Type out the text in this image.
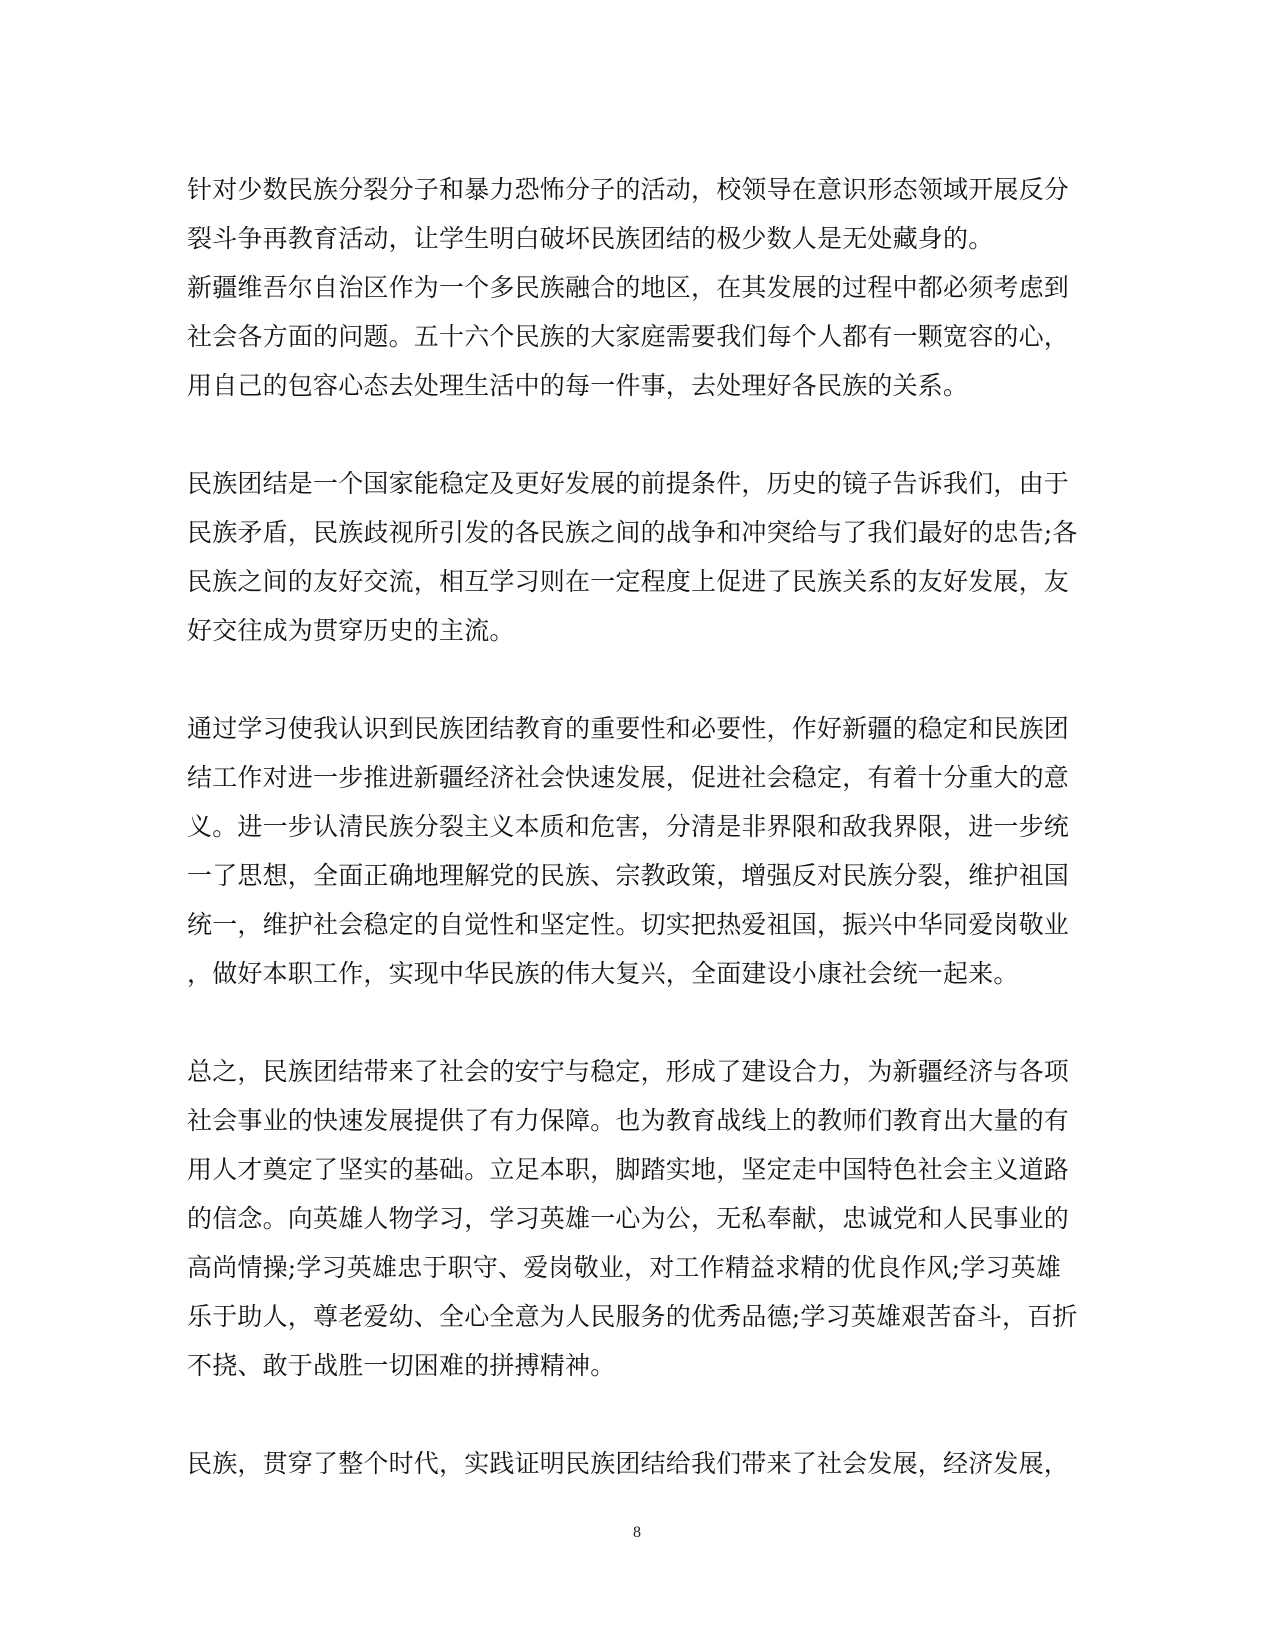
针对少数民族分裂分子和暴力恐怖分子的活动，校领导在意识形态领域开展反分
裂斗争再教育活动，让学生明白破坏民族团结的极少数人是无处藏身的。
新疆维吾尔自治区作为一个多民族融合的地区，在其发展的过程中都必须考虑到
社会各方面的问题。五十六个民族的大家庭需要我们每个人都有一颗宽容的心，
用自己的包容心态去处理生活中的每一件事，去处理好各民族的关系。
民族团结是一个国家能稳定及更好发展的前提条件，历史的镜子告诉我们，由于
民族矛盾，民族歧视所引发的各民族之间的战争和冲突给与了我们最好的忠告;各
民族之间的友好交流，相互学习则在一定程度上促进了民族关系的友好发展，友
好交往成为贯穿历史的主流。
通过学习使我认识到民族团结教育的重要性和必要性，作好新疆的稳定和民族团
结工作对进一步推进新疆经济社会快速发展，促进社会稳定，有着十分重大的意
义。进一步认清民族分裂主义本质和危害，分清是非界限和敌我界限，进一步统
一了思想，全面正确地理解党的民族、宗教政策，增强反对民族分裂，维护祖国
统一，维护社会稳定的自觉性和坚定性。切实把热爱祖国，振兴中华同爱岗敬业
，做好本职工作，实现中华民族的伟大复兴，全面建设小康社会统一起来。
总之，民族团结带来了社会的安宁与稳定，形成了建设合力，为新疆经济与各项
社会事业的快速发展提供了有力保障。也为教育战线上的教师们教育出大量的有
用人才奠定了坚实的基础。立足本职，脚踏实地，坚定走中国特色社会主义道路
的信念。向英雄人物学习，学习英雄一心为公，无私奉献，忠诚党和人民事业的
高尚情操;学习英雄忠于职守、爱岗敬业，对工作精益求精的优良作风;学习英雄
乐于助人，尊老爱幼、全心全意为人民服务的优秀品德;学习英雄艰苦奋斗，百折
不挠、敢于战胜一切困难的拼搏精神。
民族，贯穿了整个时代，实践证明民族团结给我们带来了社会发展，经济发展，
8
